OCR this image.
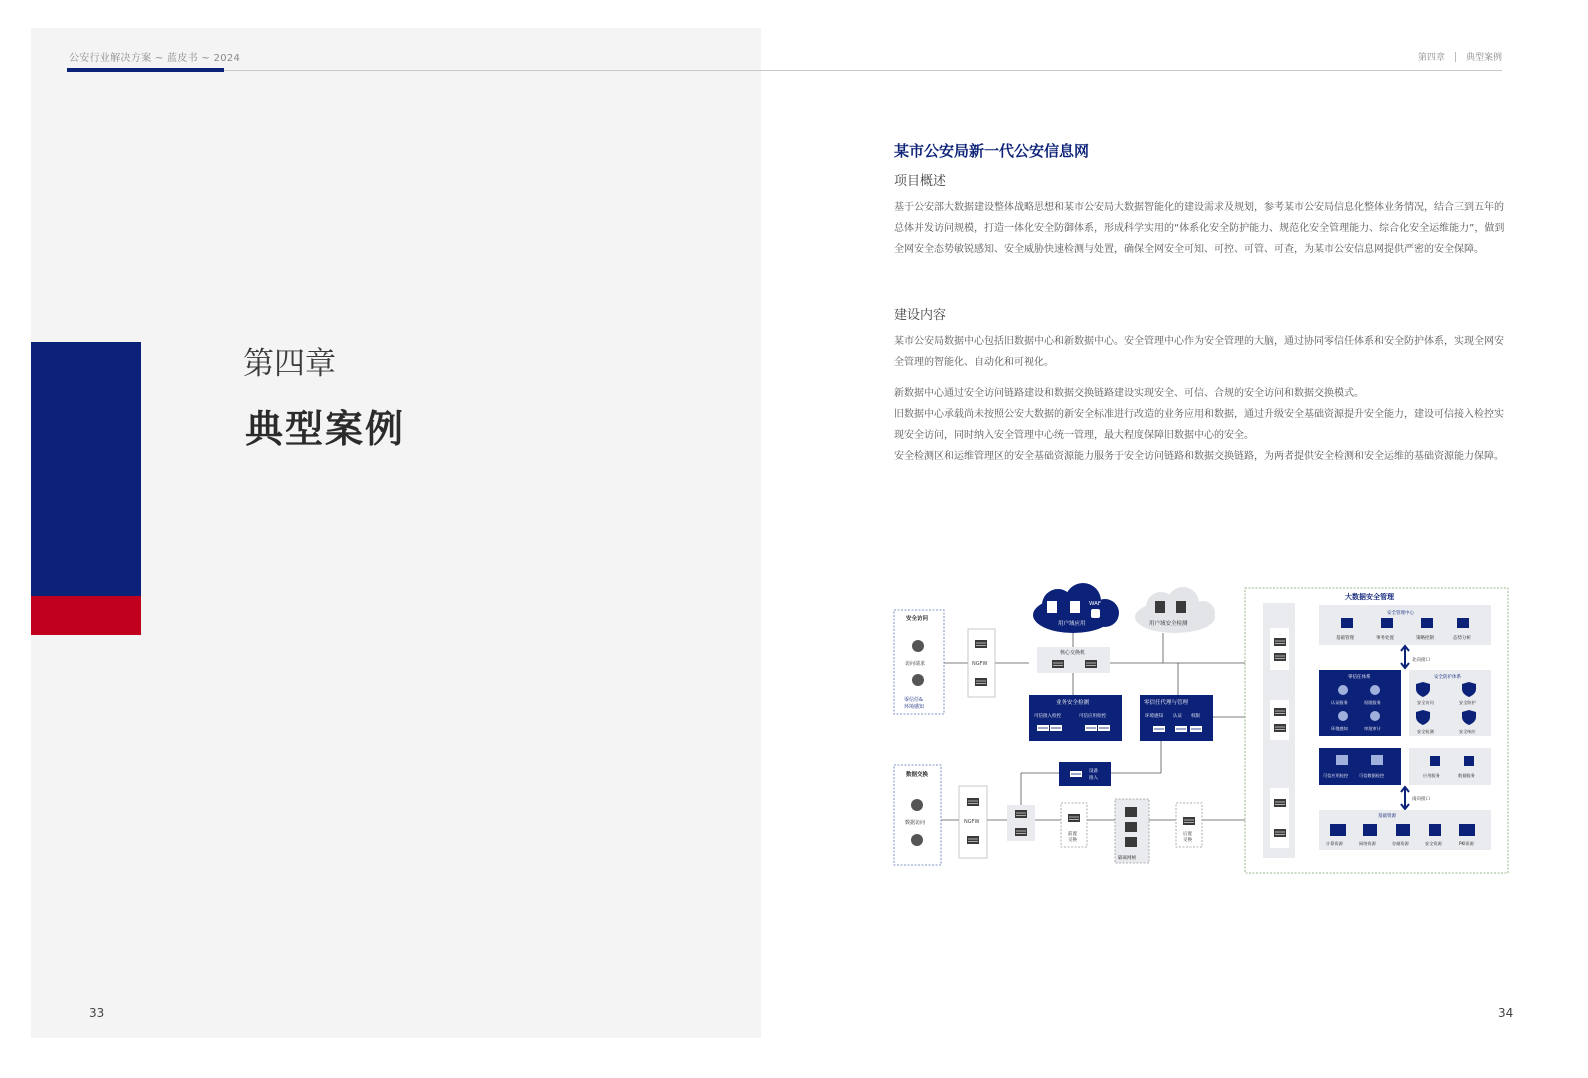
公安行业解决方案 ~ 蓝皮书 ~ 2024	第四章 典型案例
第四章
典型案例
33	34
某市公安局新一代公安信息网
项目概述

基于公安部大数据建设整体战略思想和某市公安局大数据智能化的建设需求及规划，参考某市公安局信息化整体业务情况，结合三到五年的总体并发访问规模，打造一体化安全防御体系，形成科学实用的“体系化安全防护能力、规范化安全管理能力、综合化安全运维能力”，做到全网安全态势敏锐感知、安全威胁快速检测与处置，确保全网安全可知、可控、可管、可查，为某市公安信息网提供严密的安全保障。

建设内容

某市公安局数据中心包括旧数据中心和新数据中心。安全管理中心作为安全管理的大脑，通过协同零信任体系和安全防护体系，实现全网安全管理的智能化、自动化和可视化。

新数据中心通过安全访问链路建设和数据交换链路建设实现安全、可信、合规的安全访问和数据交换模式。

旧数据中心承载尚未按照公安大数据的新安全标准进行改造的业务应用和数据，通过升级安全基础资源提升安全能力，建设可信接入检控实现安全访问，同时纳入安全管理中心统一管理，最大程度保障旧数据中心的安全。

安全检测区和运维管理区的安全基础资源能力服务于安全访问链路和数据交换链路，为两者提供安全检测和安全运维的基础资源能力保障。

用户域应用
WAF
用户域安全检测
核心交换机
安全访问
访问请求
零信任&
环境感知
NGFW
业务安全检测
可信接入检控	可信应用检控
零信任代理与管理
环境感知 认证 权限
设备
接入
数据交换
数据访问	NGFW
前置
交换
隔离网闸
后置
交换
大数据安全管理
安全管理中心
基础管理	事务处置	策略控制	态势分析
北向接口
零信任体系
认证服务	权限服务
环境感知	审批审计
安全防护体系
安全访问	安全防护
安全检测	安全响应
可信应用检控	可信数据检控	应用服务	数据服务
南向接口
基础资源
计算资源	网络资源	存储资源	安全资源	PKI资源
